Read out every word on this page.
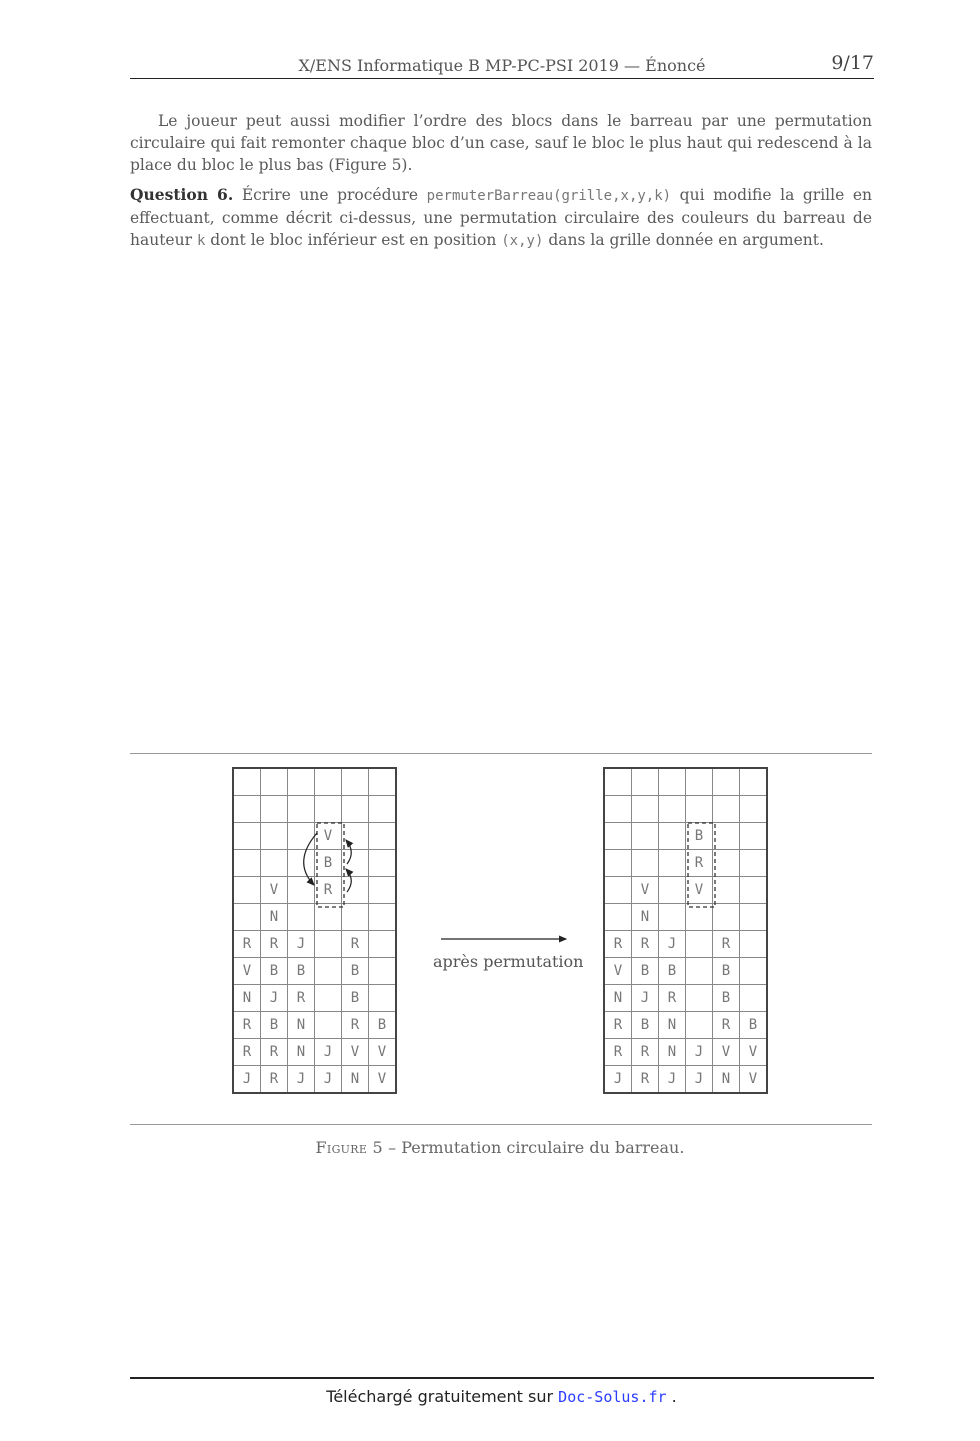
X/ENS Informatique B MP-PC-PSI 2019 — Énoncé	9/17

Le joueur peut aussi modifier l’ordre des blocs dans le barreau par une permutation circulaire qui fait remonter chaque bloc d’un case, sauf le bloc le plus haut qui redescend à la place du bloc le plus bas (Figure 5).

Question 6. Écrire une procédure permuterBarreau(grille,x,y,k) qui modifie la grille en effectuant, comme décrit ci-dessus, une permutation circulaire des couleurs du barreau de hauteur k dont le bloc inférieur est en position (x,y) dans la grille donnée en argument.

			V		
			B		
	V		R		
	N				
R	R	J		R	
V	B	B		B	
N	J	R		B	
R	B	N		R	B
R	R	N	J	V	V
J	R	J	J	N	V

			B		
			R		
	V		V		
	N				
R	R	J		R	
V	B	B		B	
N	J	R		B	
R	B	N		R	B
R	R	N	J	V	V
J	R	J	J	N	V
après permutation
Figure 5 – Permutation circulaire du barreau.
Téléchargé gratuitement sur Doc-Solus.fr .
